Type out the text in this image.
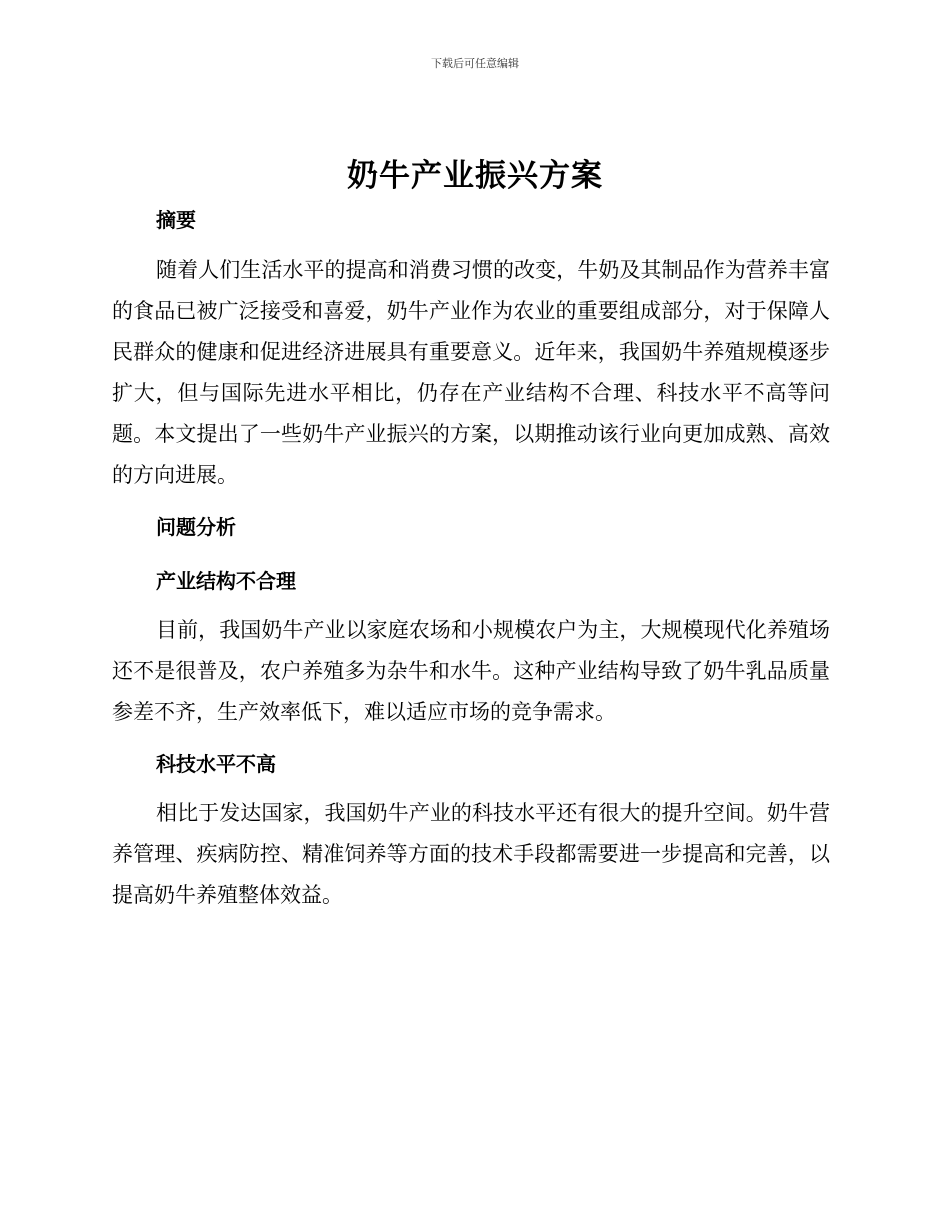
下载后可任意编辑
奶牛产业振兴方案
摘要

随着人们生活水平的提高和消费习惯的改变，牛奶及其制品作为营养丰富的食品已被广泛接受和喜爱，奶牛产业作为农业的重要组成部分，对于保障人民群众的健康和促进经济进展具有重要意义。近年来，我国奶牛养殖规模逐步扩大，但与国际先进水平相比，仍存在产业结构不合理、科技水平不高等问题。本文提出了一些奶牛产业振兴的方案，以期推动该行业向更加成熟、高效的方向进展。

问题分析
产业结构不合理

目前，我国奶牛产业以家庭农场和小规模农户为主，大规模现代化养殖场还不是很普及，农户养殖多为杂牛和水牛。这种产业结构导致了奶牛乳品质量参差不齐，生产效率低下，难以适应市场的竞争需求。

科技水平不高

相比于发达国家，我国奶牛产业的科技水平还有很大的提升空间。奶牛营养管理、疾病防控、精准饲养等方面的技术手段都需要进一步提高和完善，以提高奶牛养殖整体效益。
